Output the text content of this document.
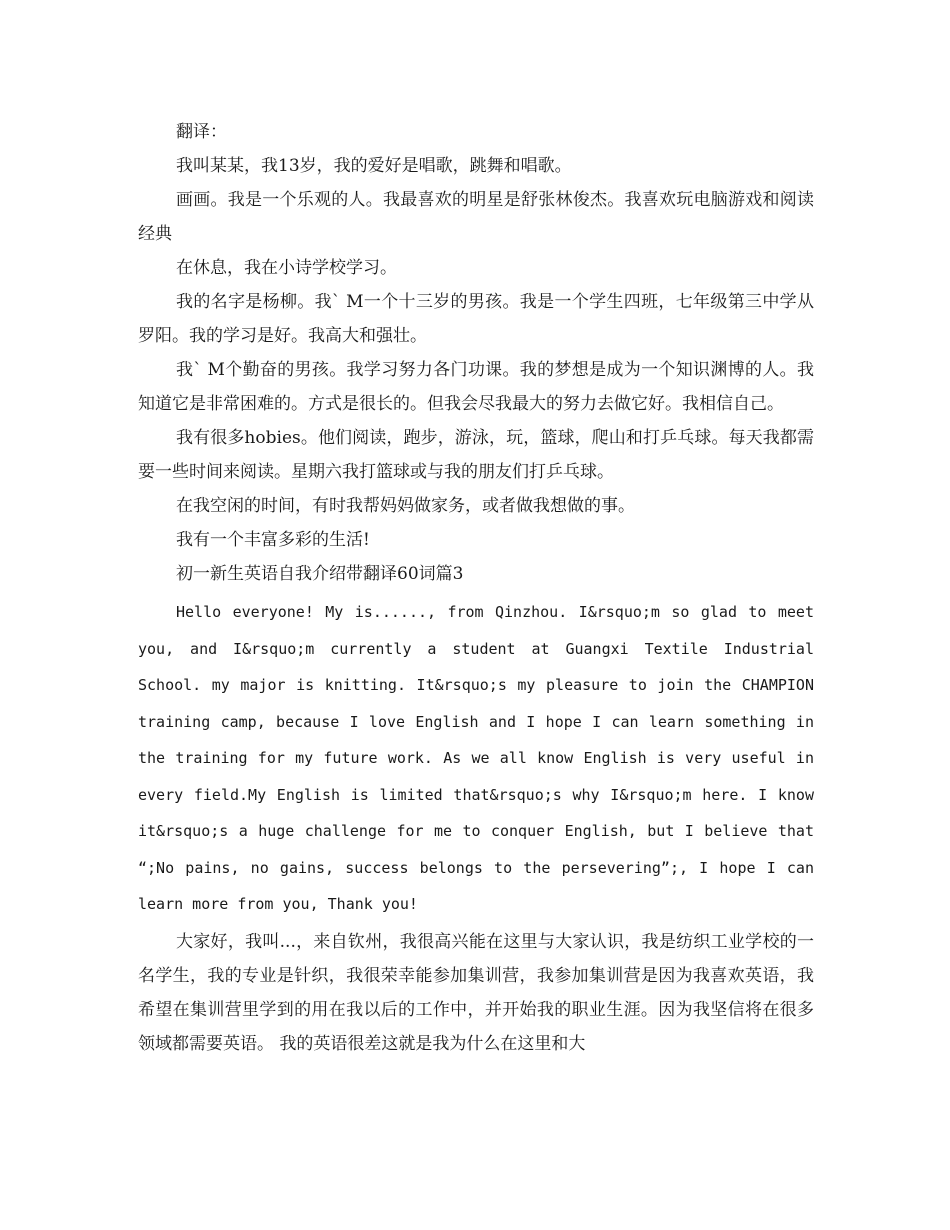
翻译：

我叫某某，我13岁，我的爱好是唱歌，跳舞和唱歌。

画画。我是一个乐观的人。我最喜欢的明星是舒张林俊杰。我喜欢玩电脑游戏和阅读经典

在休息，我在小诗学校学习。

我的名字是杨柳。我` M一个十三岁的男孩。我是一个学生四班，七年级第三中学从罗阳。我的学习是好。我高大和强壮。

我` M个勤奋的男孩。我学习努力各门功课。我的梦想是成为一个知识渊博的人。我知道它是非常困难的。方式是很长的。但我会尽我最大的努力去做它好。我相信自己。

我有很多hobies。他们阅读，跑步，游泳，玩，篮球，爬山和打乒乓球。每天我都需要一些时间来阅读。星期六我打篮球或与我的朋友们打乒乓球。

在我空闲的时间，有时我帮妈妈做家务，或者做我想做的事。

我有一个丰富多彩的生活!

初一新生英语自我介绍带翻译60词篇3

Hello everyone! My is......, from Qinzhou. I&rsquo;m so glad to meet you, and I&rsquo;m currently a student at Guangxi Textile Industrial School. my major is knitting. It&rsquo;s my pleasure to join the CHAMPION training camp, because I love English and I hope I can learn something in the training for my future work. As we all know English is very useful in every field.My English is limited that&rsquo;s why I&rsquo;m here. I know it&rsquo;s a huge challenge for me to conquer English, but I believe that “;No pains, no gains, success belongs to the persevering”;, I hope I can learn more from you, Thank you!

大家好，我叫...，来自钦州，我很高兴能在这里与大家认识，我是纺织工业学校的一名学生，我的专业是针织，我很荣幸能参加集训营，我参加集训营是因为我喜欢英语，我希望在集训营里学到的用在我以后的工作中，并开始我的职业生涯。因为我坚信将在很多领域都需要英语。 我的英语很差这就是我为什么在这里和大
